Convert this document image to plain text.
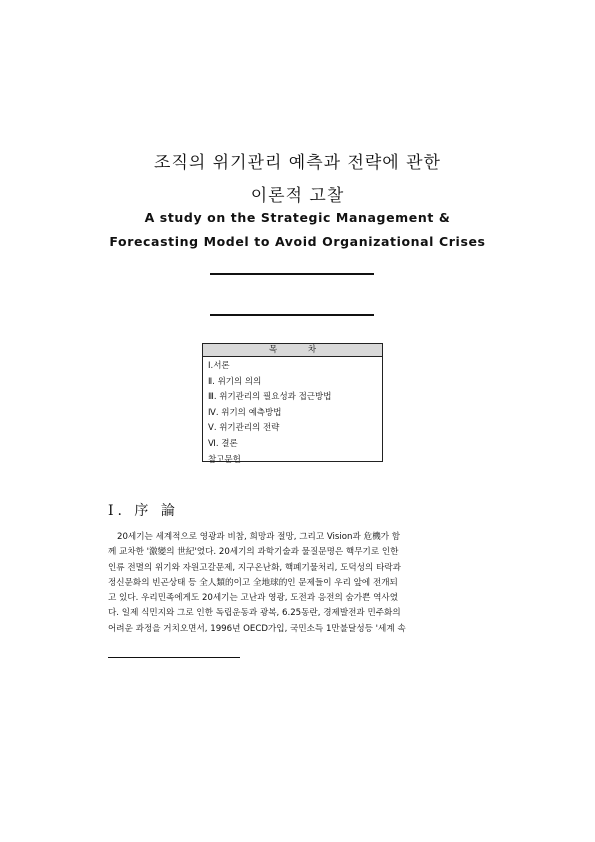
조직의 위기관리 예측과 전략에 관한
이론적 고찰
A study on the Strategic Management &
Forecasting Model to Avoid Organizational Crises
목 차
Ⅰ.서론
Ⅱ. 위기의 의의
Ⅲ. 위기관리의 필요성과 접근방법
Ⅳ. 위기의 예측방법
Ⅴ. 위기관리의 전략
Ⅵ. 결론
참고문헌
Ⅰ. 序 論
20세기는 세계적으로 영광과 비참, 희망과 절망, 그리고 Vision과 危機가 함
께 교차한 '激變의 世紀'였다. 20세기의 과학기술과 물질문명은 핵무기로 인한
인류 전멸의 위기와 자원고갈문제, 지구온난화, 핵폐기물처리, 도덕성의 타락과
정신문화의 빈곤상태 등 全人類的이고 全地球的인 문제들이 우리 앞에 전개되
고 있다. 우리민족에게도 20세기는 고난과 영광, 도전과 응전의 숨가쁜 역사였
다. 일제 식민지와 그로 인한 독립운동과 광복, 6.25동란, 경제발전과 민주화의
어려운 과정을 거치오면서, 1996년 OECD가입, 국민소득 1만불달성등 '세계 속
